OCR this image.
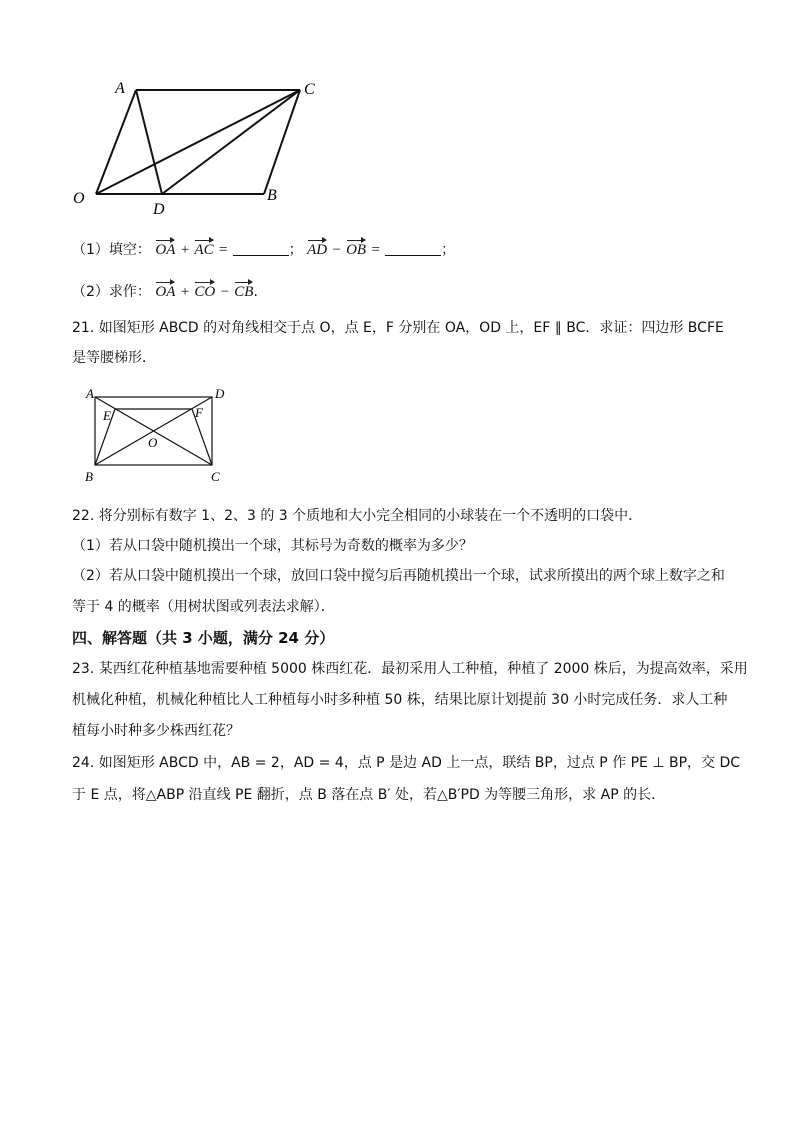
A	C
O
D
B
（1）填空： OA + AC =	； AD − OB =	；
（2）求作： OA + CO − CB.
21. 如图矩形 ABCD 的对角线相交于点 O，点 E，F 分别在 OA，OD 上，EF ∥ BC．求证：四边形 BCFE
是等腰梯形．
A	D
E	F
O
B	C
22. 将分别标有数字 1、2、3 的 3 个质地和大小完全相同的小球装在一个不透明的口袋中．
（1）若从口袋中随机摸出一个球，其标号为奇数的概率为多少？
（2）若从口袋中随机摸出一个球，放回口袋中搅匀后再随机摸出一个球，试求所摸出的两个球上数字之和
等于 4 的概率（用树状图或列表法求解）．
四、解答题（共 3 小题，满分 24 分）
23. 某西红花种植基地需要种植 5000 株西红花．最初采用人工种植，种植了 2000 株后，为提高效率，采用
机械化种植，机械化种植比人工种植每小时多种植 50 株，结果比原计划提前 30 小时完成任务．求人工种
植每小时种多少株西红花？
24. 如图矩形 ABCD 中，AB = 2，AD = 4，点 P 是边 AD 上一点，联结 BP，过点 P 作 PE ⊥ BP，交 DC
于 E 点，将△ABP 沿直线 PE 翻折，点 B 落在点 B′ 处，若△B′PD 为等腰三角形，求 AP 的长．
